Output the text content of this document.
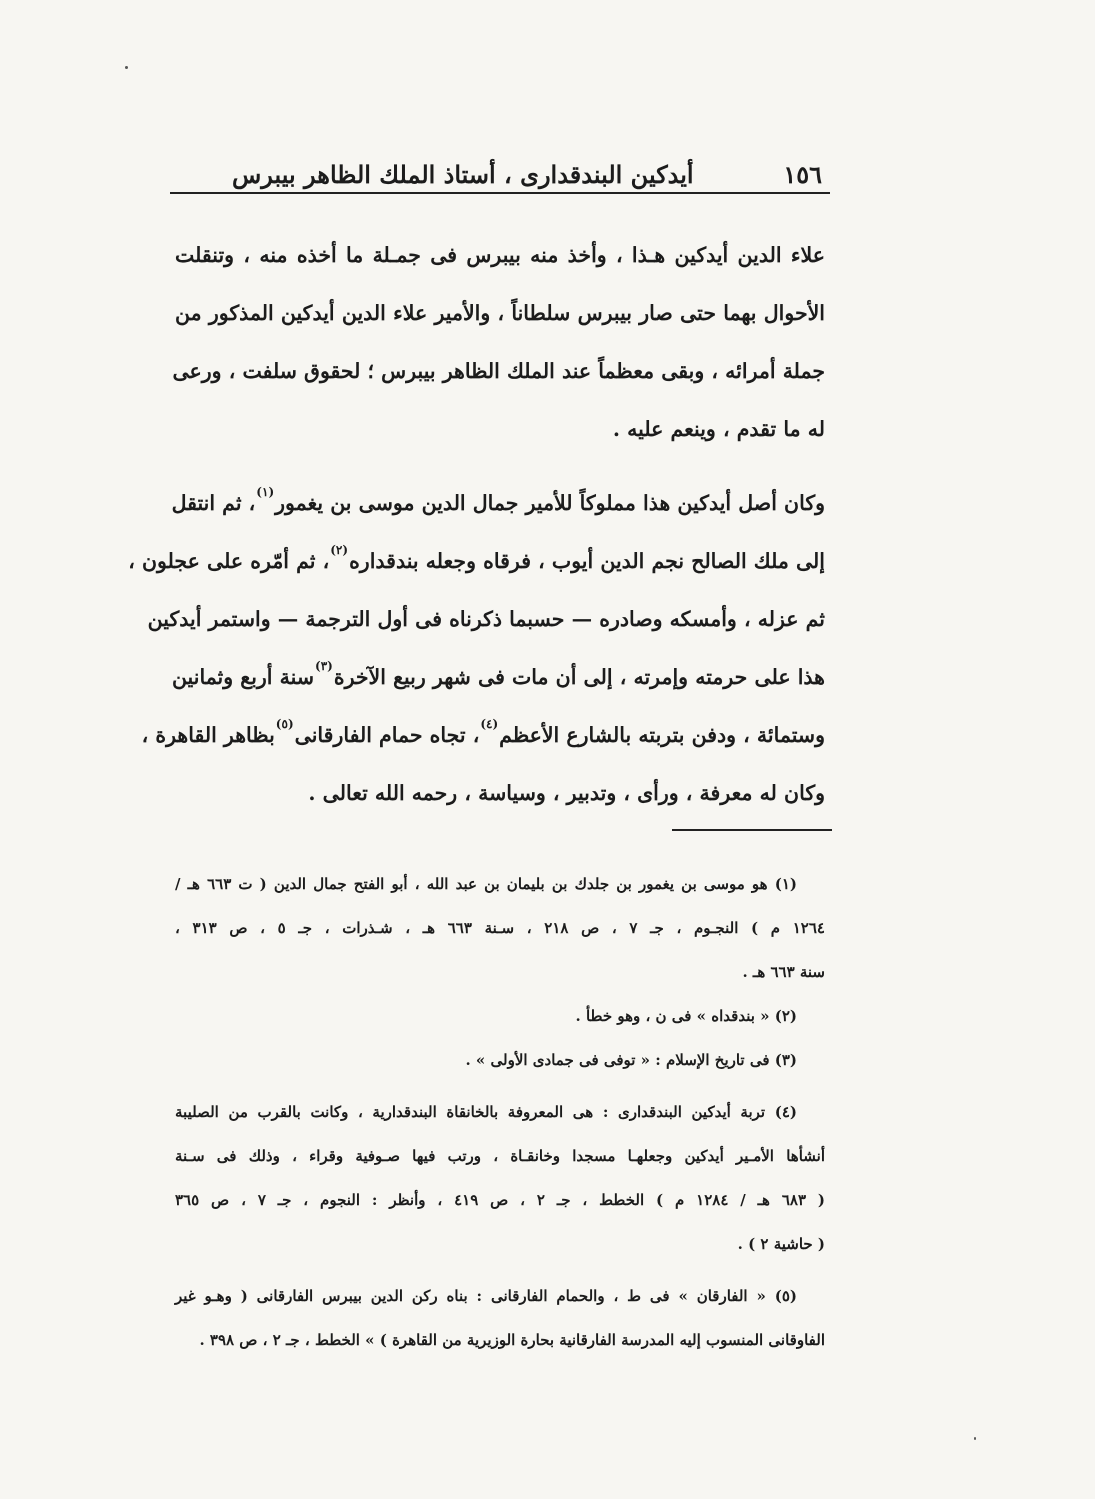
١٥٦
أيدكين البندقدارى ، أستاذ الملك الظاهر بيبرس
علاء الدين أيدكين هـذا ، وأخذ منه بيبرس فى جمـلة ما أخذه منه ، وتنقلت
الأحوال بهما حتى صار بيبرس سلطاناً ، والأمير علاء الدين أيدكين المذكور من
جملة أمرائه ، وبقى معظماً عند الملك الظاهر بيبرس ؛ لحقوق سلفت ، ورعى
له ما تقدم ، وينعم عليه .
وكان أصل أيدكين هذا مملوكاً للأمير جمال الدين موسى بن يغمور$^{(١)}$، ثم انتقل
إلى ملك الصالح نجم الدين أيوب ، فرقاه وجعله بندقداره$^{(٢)}$، ثم أمّره على عجلون ،
ثم عزله ، وأمسكه وصادره — حسبما ذكرناه فى أول الترجمة — واستمر أيدكين
هذا على حرمته وإمرته ، إلى أن مات فى شهر ربيع الآخرة$^{(٣)}$سنة أربع وثمانين
وستمائة ، ودفن بتربته بالشارع الأعظم$^{(٤)}$، تجاه حمام الفارقانى$^{(٥)}$بظاهر القاهرة ،
وكان له معرفة ، ورأى ، وتدبير ، وسياسة ، رحمه الله تعالى .
(١) هو موسى بن يغمور بن جلدك بن بليمان بن عبد الله ، أبو الفتح جمال الدين ( ت ٦٦٣ هـ /
١٢٦٤ م ) النجـوم ، جـ ٧ ، ص ٢١٨ ، سـنة ٦٦٣ هـ ، شـذرات ، جـ ٥ ، ص ٣١٣ ،
سنة ٦٦٣ هـ .
(٢) « بندقداه » فى ن ، وهو خطأ .
(٣) فى تاريخ الإسلام : « توفى فى جمادى الأولى » .
(٤) تربة أيدكين البندقدارى : هى المعروفة بالخانقاة البندقدارية ، وكانت بالقرب من الصليبة
أنشأها الأمـير أيدكين وجعلهـا مسجدا وخانقـاة ، ورتب فيها صـوفية وقراء ، وذلك فى سـنة
( ٦٨٣ هـ / ١٢٨٤ م ) الخطط ، جـ ٢ ، ص ٤١٩ ، وأنظر : النجوم ، جـ ٧ ، ص ٣٦٥
( حاشية ٢ ) .
(٥) « الفارقان » فى ط ، والحمام الفارقانى : بناه ركن الدين بيبرس الفارقانى ( وهـو غير
الفاوقانى المنسوب إليه المدرسة الفارقانية بحارة الوزيرية من القاهرة ) » الخطط ، جـ ٢ ، ص ٣٩٨ .
